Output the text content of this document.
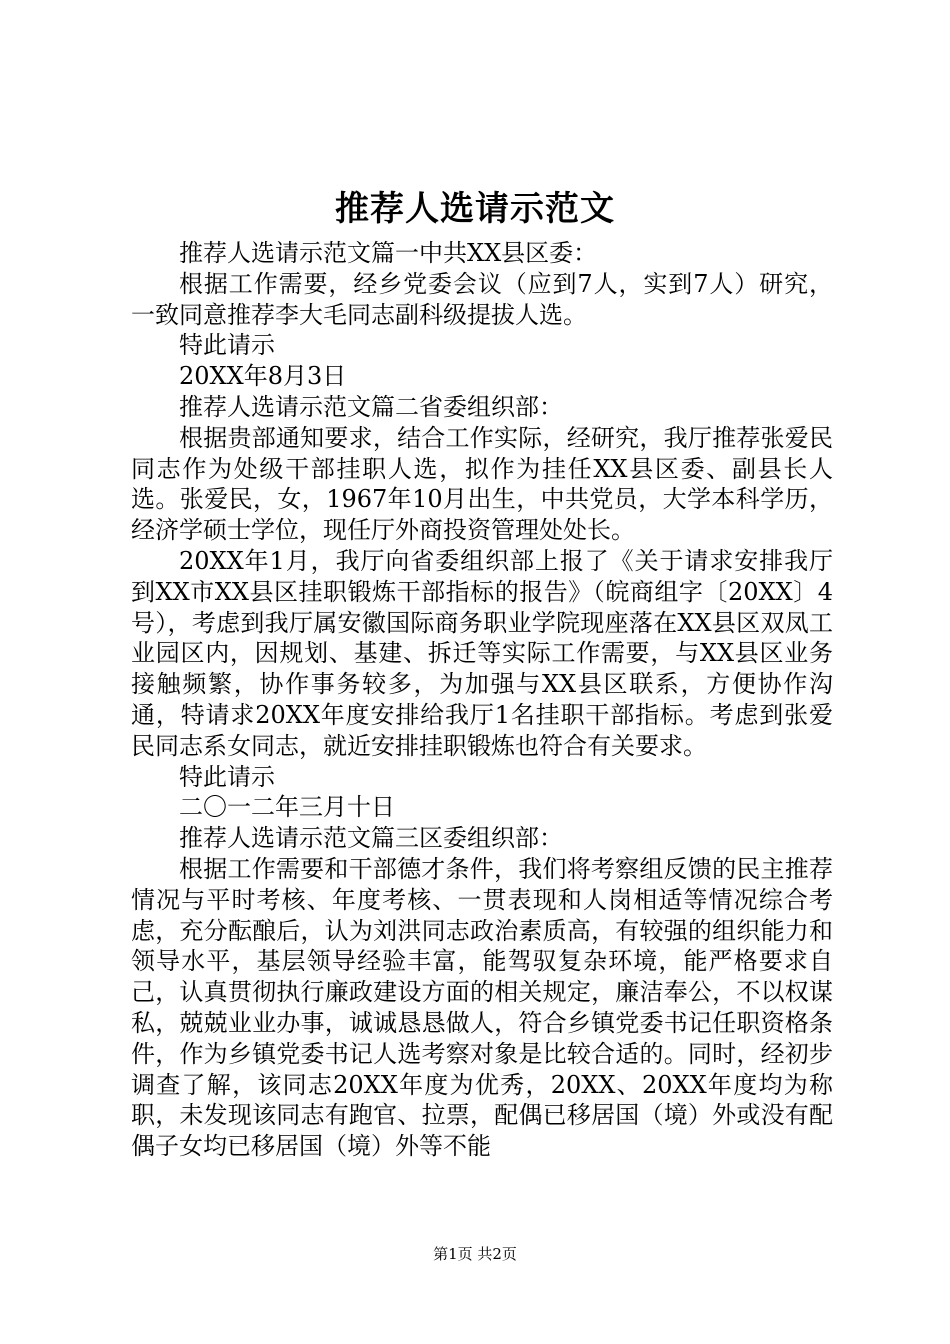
推荐人选请示范文

推荐人选请示范文篇一中共XX县区委：

根据工作需要，经乡党委会议（应到7人，实到7人）研究，一致同意推荐李大毛同志副科级提拔人选。

特此请示

20XX年8月3日

推荐人选请示范文篇二省委组织部：

根据贵部通知要求，结合工作实际，经研究，我厅推荐张爱民同志作为处级干部挂职人选，拟作为挂任XX县区委、副县长人选。张爱民，女，1967年10月出生，中共党员，大学本科学历，经济学硕士学位，现任厅外商投资管理处处长。

20XX年1月，我厅向省委组织部上报了《关于请求安排我厅到XX市XX县区挂职锻炼干部指标的报告》（皖商组字〔20XX〕4号），考虑到我厅属安徽国际商务职业学院现座落在XX县区双凤工业园区内，因规划、基建、拆迁等实际工作需要，与XX县区业务接触频繁，协作事务较多，为加强与XX县区联系，方便协作沟通，特请求20XX年度安排给我厅1名挂职干部指标。考虑到张爱民同志系女同志，就近安排挂职锻炼也符合有关要求。

特此请示

二〇一二年三月十日

推荐人选请示范文篇三区委组织部：

根据工作需要和干部德才条件，我们将考察组反馈的民主推荐情况与平时考核、年度考核、一贯表现和人岗相适等情况综合考虑，充分酝酿后，认为刘洪同志政治素质高，有较强的组织能力和领导水平，基层领导经验丰富，能驾驭复杂环境，能严格要求自己，认真贯彻执行廉政建设方面的相关规定，廉洁奉公，不以权谋私，兢兢业业办事，诚诚恳恳做人，符合乡镇党委书记任职资格条件，作为乡镇党委书记人选考察对象是比较合适的。同时，经初步调查了解，该同志20XX年度为优秀，20XX、20XX年度均为称职，未发现该同志有跑官、拉票，配偶已移居国（境）外或没有配偶子女均已移居国（境）外等不能

第1页 共2页
